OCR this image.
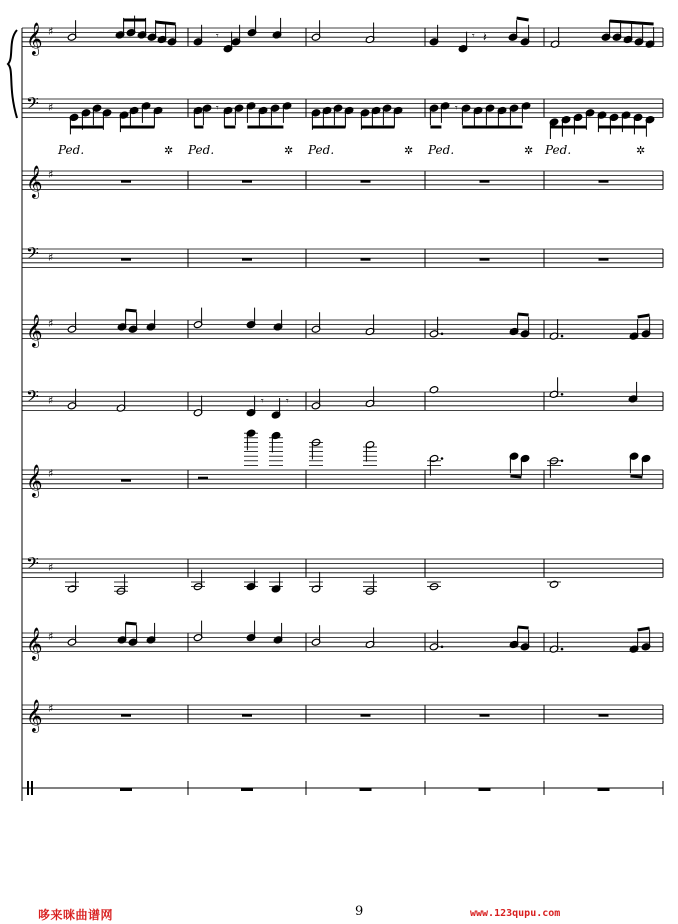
𝄞 ♯
𝄢 ♯
𝄞 ♯
𝄢 ♯
𝄞 ♯
𝄢 ♯
𝄞 ♯
𝄢 ♯
𝄞 ♯
𝄞 ♯
𝄾	𝄾 𝄽
𝄾	𝄾
Ped.	✲ Ped.	✲ Ped.	✲ Ped.	✲ Ped.	✲
𝄾 𝄾
9
哆来咪曲谱网	www.123qupu.com
